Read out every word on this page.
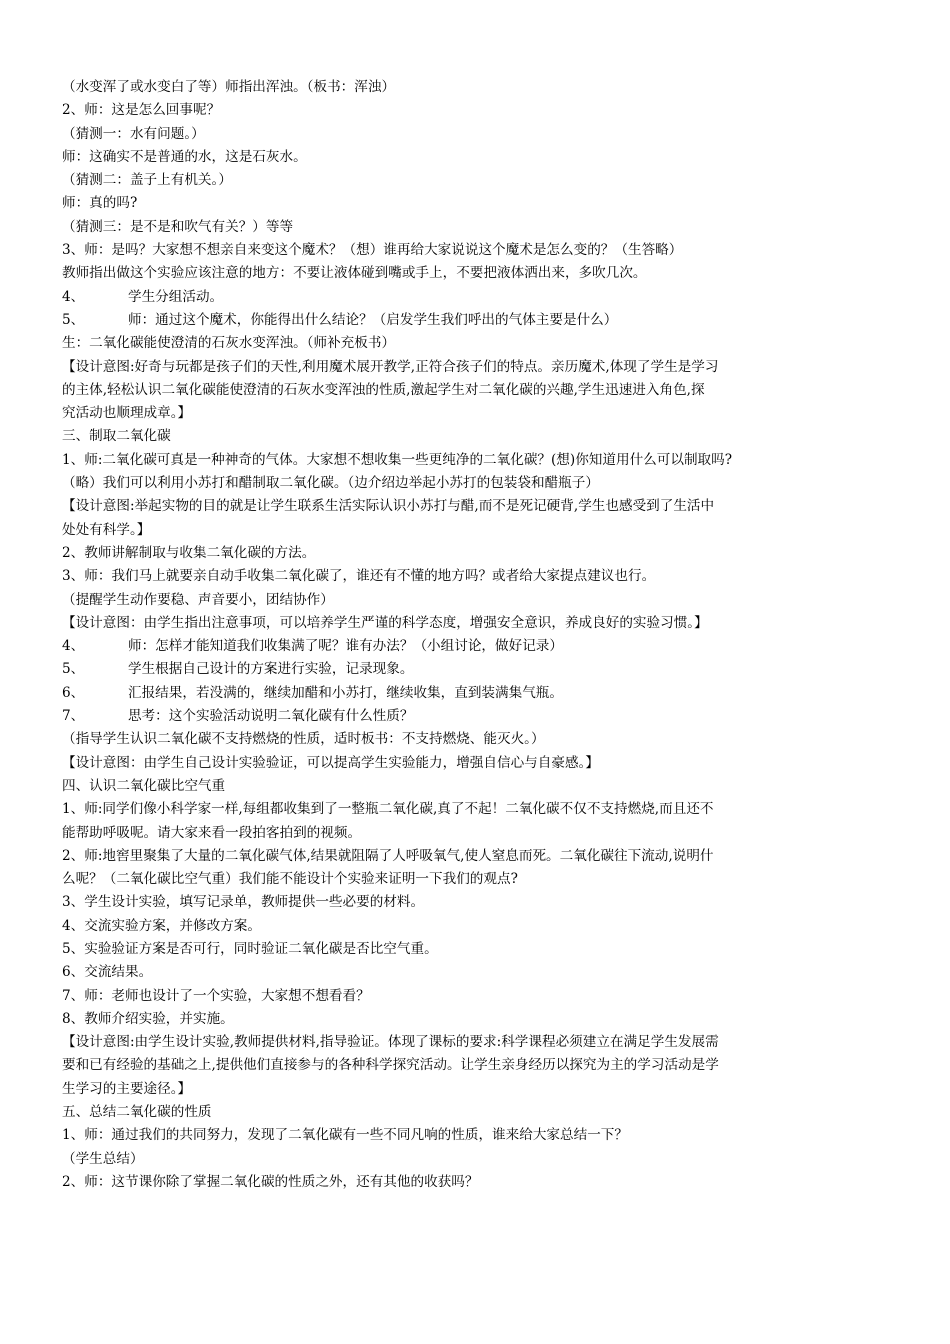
（水变浑了或水变白了等）师指出浑浊。（板书：浑浊）
2、师：这是怎么回事呢？
（猜测一：水有问题。）
师：这确实不是普通的水，这是石灰水。
（猜测二：盖子上有机关。）
师：真的吗?
（猜测三：是不是和吹气有关？）等等
3、师：是吗？大家想不想亲自来变这个魔术？（想）谁再给大家说说这个魔术是怎么变的？（生答略）
教师指出做这个实验应该注意的地方：不要让液体碰到嘴或手上，不要把液体洒出来，多吹几次。
4、	学生分组活动。
5、	师：通过这个魔术，你能得出什么结论？（启发学生我们呼出的气体主要是什么）
生：二氧化碳能使澄清的石灰水变浑浊。（师补充板书）
【设计意图:好奇与玩都是孩子们的天性,利用魔术展开教学,正符合孩子们的特点。亲历魔术,体现了学生是学习
的主体,轻松认识二氧化碳能使澄清的石灰水变浑浊的性质,激起学生对二氧化碳的兴趣,学生迅速进入角色,探
究活动也顺理成章。】
三、制取二氧化碳
1、师:二氧化碳可真是一种神奇的气体。大家想不想收集一些更纯净的二氧化碳？(想)你知道用什么可以制取吗?
（略）我们可以利用小苏打和醋制取二氧化碳。（边介绍边举起小苏打的包装袋和醋瓶子）
【设计意图:举起实物的目的就是让学生联系生活实际认识小苏打与醋,而不是死记硬背,学生也感受到了生活中
处处有科学。】
2、教师讲解制取与收集二氧化碳的方法。
3、师：我们马上就要亲自动手收集二氧化碳了，谁还有不懂的地方吗？或者给大家提点建议也行。
（提醒学生动作要稳、声音要小，团结协作）
【设计意图：由学生指出注意事项，可以培养学生严谨的科学态度，增强安全意识，养成良好的实验习惯。】
4、	师：怎样才能知道我们收集满了呢？谁有办法？（小组讨论，做好记录）
5、	学生根据自己设计的方案进行实验，记录现象。
6、	汇报结果，若没满的，继续加醋和小苏打，继续收集，直到装满集气瓶。
7、	思考：这个实验活动说明二氧化碳有什么性质？
（指导学生认识二氧化碳不支持燃烧的性质，适时板书：不支持燃烧、能灭火。）
【设计意图：由学生自己设计实验验证，可以提高学生实验能力，增强自信心与自豪感。】
四、认识二氧化碳比空气重
1、师:同学们像小科学家一样,每组都收集到了一整瓶二氧化碳,真了不起！二氧化碳不仅不支持燃烧,而且还不
能帮助呼吸呢。请大家来看一段拍客拍到的视频。
2、师:地窖里聚集了大量的二氧化碳气体,结果就阻隔了人呼吸氧气,使人窒息而死。二氧化碳往下流动,说明什
么呢？（二氧化碳比空气重）我们能不能设计个实验来证明一下我们的观点?
3、学生设计实验，填写记录单，教师提供一些必要的材料。
4、交流实验方案，并修改方案。
5、实验验证方案是否可行，同时验证二氧化碳是否比空气重。
6、交流结果。
7、师：老师也设计了一个实验，大家想不想看看？
8、教师介绍实验，并实施。
【设计意图:由学生设计实验,教师提供材料,指导验证。体现了课标的要求:科学课程必须建立在满足学生发展需
要和已有经验的基础之上,提供他们直接参与的各种科学探究活动。让学生亲身经历以探究为主的学习活动是学
生学习的主要途径。】
五、总结二氧化碳的性质
1、师：通过我们的共同努力，发现了二氧化碳有一些不同凡响的性质，谁来给大家总结一下？
（学生总结）
2、师：这节课你除了掌握二氧化碳的性质之外，还有其他的收获吗？
